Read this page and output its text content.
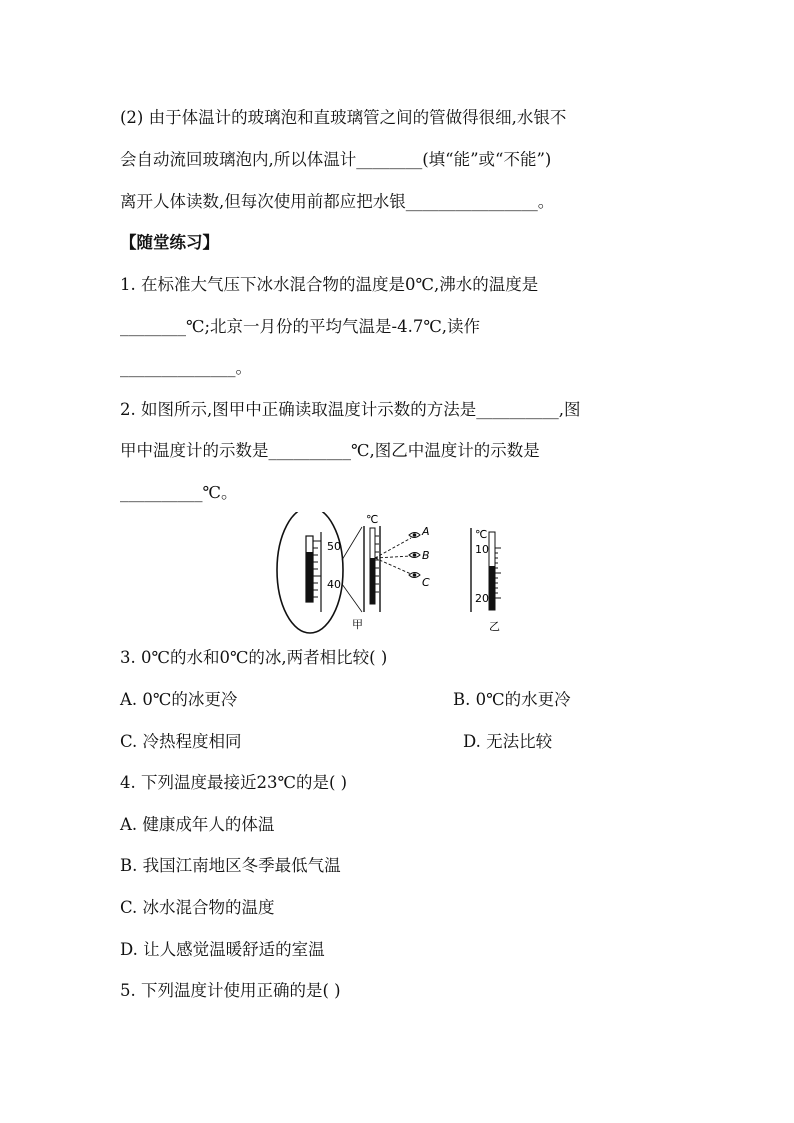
(2) 由于体温计的玻璃泡和直玻璃管之间的管做得很细,水银不
会自动流回玻璃泡内,所以体温计________(填“能”或“不能”)
离开人体读数,但每次使用前都应把水银________________。
【随堂练习】
1. 在标准大气压下冰水混合物的温度是0℃,沸水的温度是
________℃;北京一月份的平均气温是-4.7℃,读作
______________。
2. 如图所示,图甲中正确读取温度计示数的方法是__________,图
甲中温度计的示数是__________℃,图乙中温度计的示数是
__________℃。
50
40
℃
A
B
C
甲
℃
10
20
乙
3. 0℃的水和0℃的冰,两者相比较( )
A. 0℃的冰更冷	B. 0℃的水更冷
C. 冷热程度相同	D. 无法比较
4. 下列温度最接近23℃的是( )
A. 健康成年人的体温
B. 我国江南地区冬季最低气温
C. 冰水混合物的温度
D. 让人感觉温暖舒适的室温
5. 下列温度计使用正确的是( )
